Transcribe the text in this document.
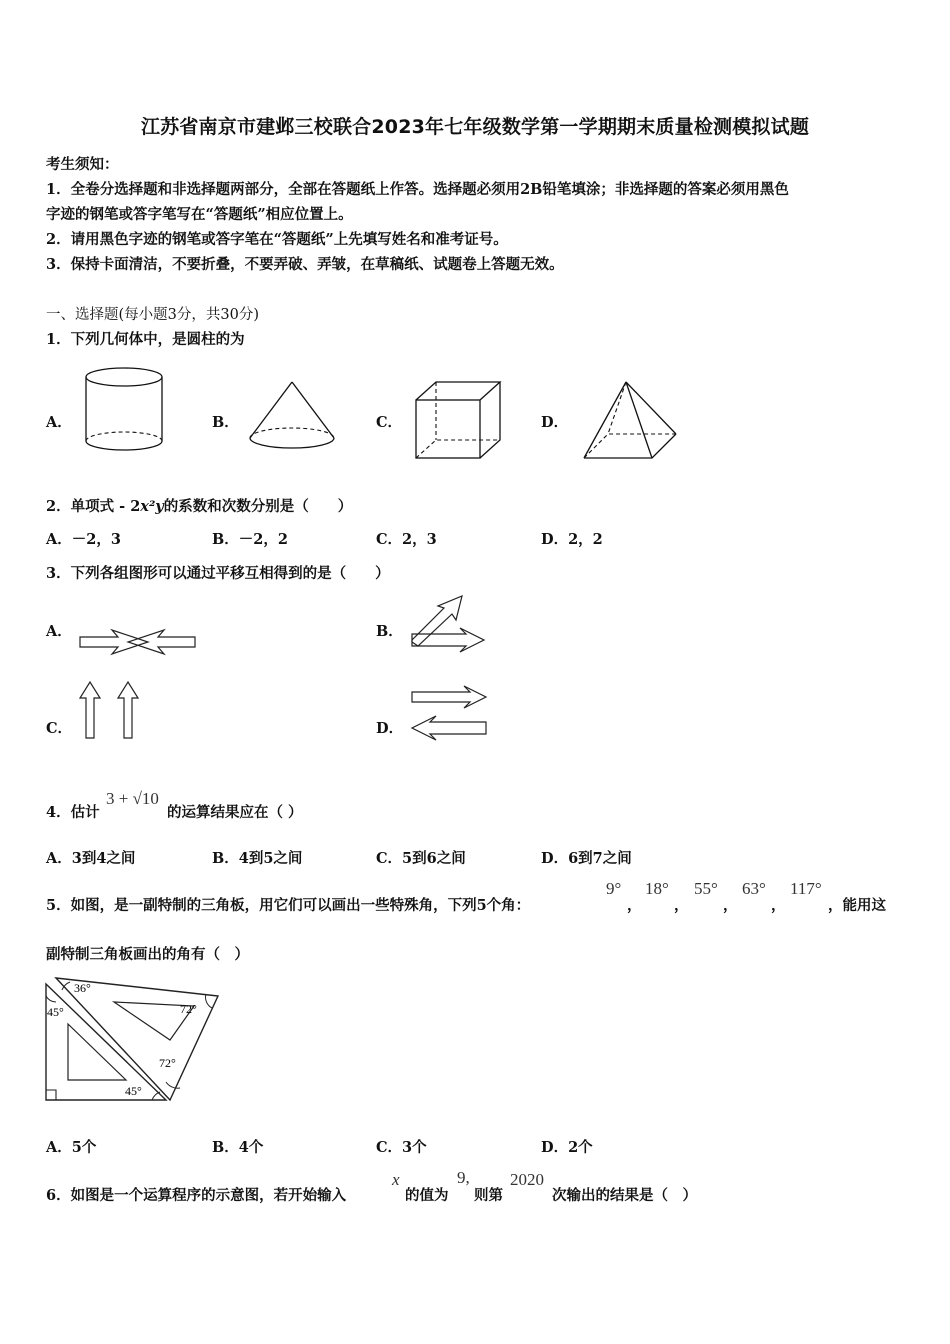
江苏省南京市建邺三校联合2023年七年级数学第一学期期末质量检测模拟试题
考生须知：
1．全卷分选择题和非选择题两部分，全部在答题纸上作答。选择题必须用2B铅笔填涂；非选择题的答案必须用黑色
字迹的钢笔或答字笔写在“答题纸”相应位置上。
2．请用黑色字迹的钢笔或答字笔在“答题纸”上先填写姓名和准考证号。
3．保持卡面清洁，不要折叠，不要弄破、弄皱，在草稿纸、试题卷上答题无效。
一、选择题(每小题3分，共30分)
1．下列几何体中，是圆柱的为
A．	B．	C．	D．
2．单项式 - 2x²y的系数和次数分别是（　　）
A．－2，3	B．－2，2	C．2，3	D．2，2
3．下列各组图形可以通过平移互相得到的是（　　）
A．	B．
C．	D．
4．估计
3 + √10
的运算结果应在（ ）
A．3到4之间	B．4到5之间	C．5到6之间	D．6到7之间
5．如图，是一副特制的三角板，用它们可以画出一些特殊角，下列5个角：
9°
，
18°
，
55°
，
63°
，
117°
，能用这
副特制三角板画出的角有（　）
36°
72°
45°
72°
45°
A．5个	B．4个	C．3个	D．2个
6．如图是一个运算程序的示意图，若开始输入
x
的值为
9,
则第
2020
次输出的结果是（　）
